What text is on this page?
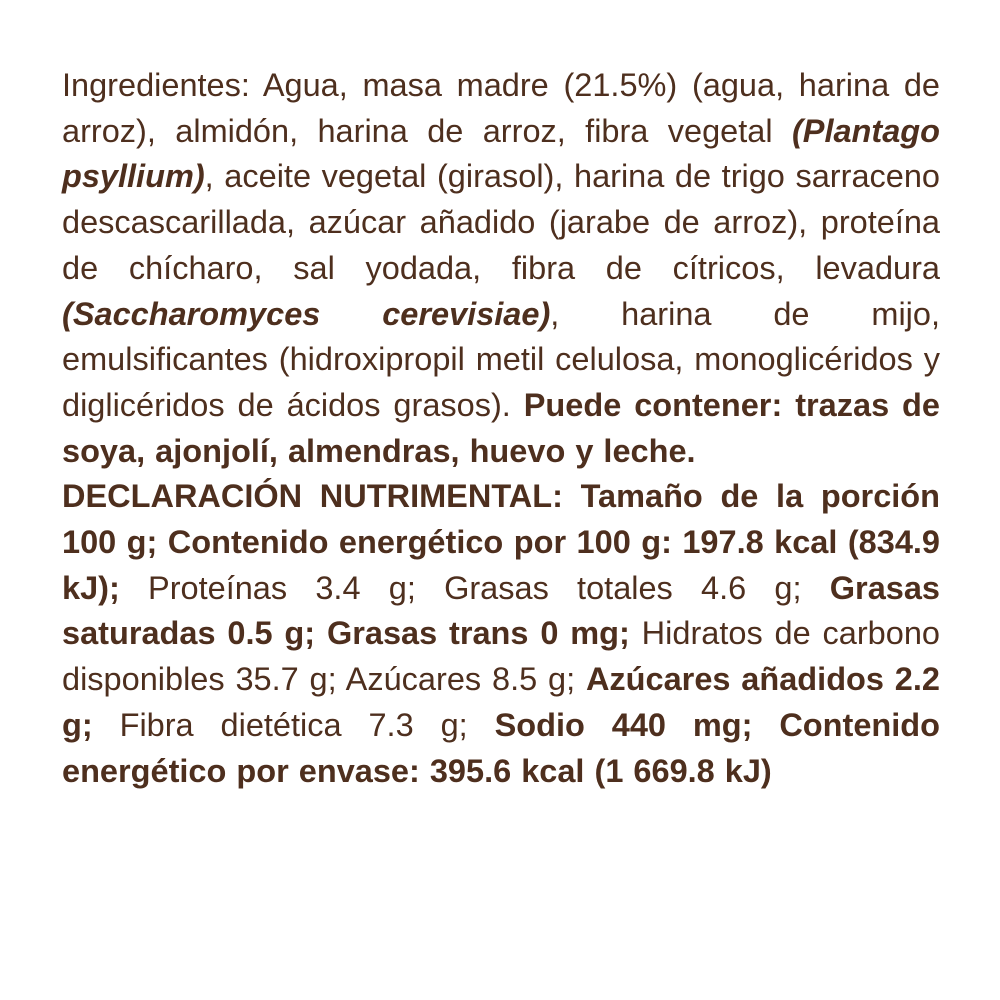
Ingredientes: Agua, masa madre (21.5%) (agua, harina de arroz), almidón, harina de arroz, fibra vegetal (Plantago psyllium), aceite vegetal (girasol), harina de trigo sarraceno descascarillada, azúcar añadido (jarabe de arroz), proteína de chícharo, sal yodada, fibra de cítricos, levadura (Saccharomyces cerevisiae), harina de mijo, emulsificantes (hidroxipropil metil celulosa, monoglicéridos y diglicéridos de ácidos grasos). Puede contener: trazas de soya, ajonjolí, almendras, huevo y leche.

DECLARACIÓN NUTRIMENTAL: Tamaño de la porción 100 g; Contenido energético por 100 g: 197.8 kcal (834.9 kJ); Proteínas 3.4 g; Grasas totales 4.6 g; Grasas saturadas 0.5 g; Grasas trans 0 mg; Hidratos de carbono disponibles 35.7 g; Azúcares 8.5 g; Azúcares añadidos 2.2 g; Fibra dietética 7.3 g; Sodio 440 mg; Contenido energético por envase: 395.6 kcal (1 669.8 kJ)
